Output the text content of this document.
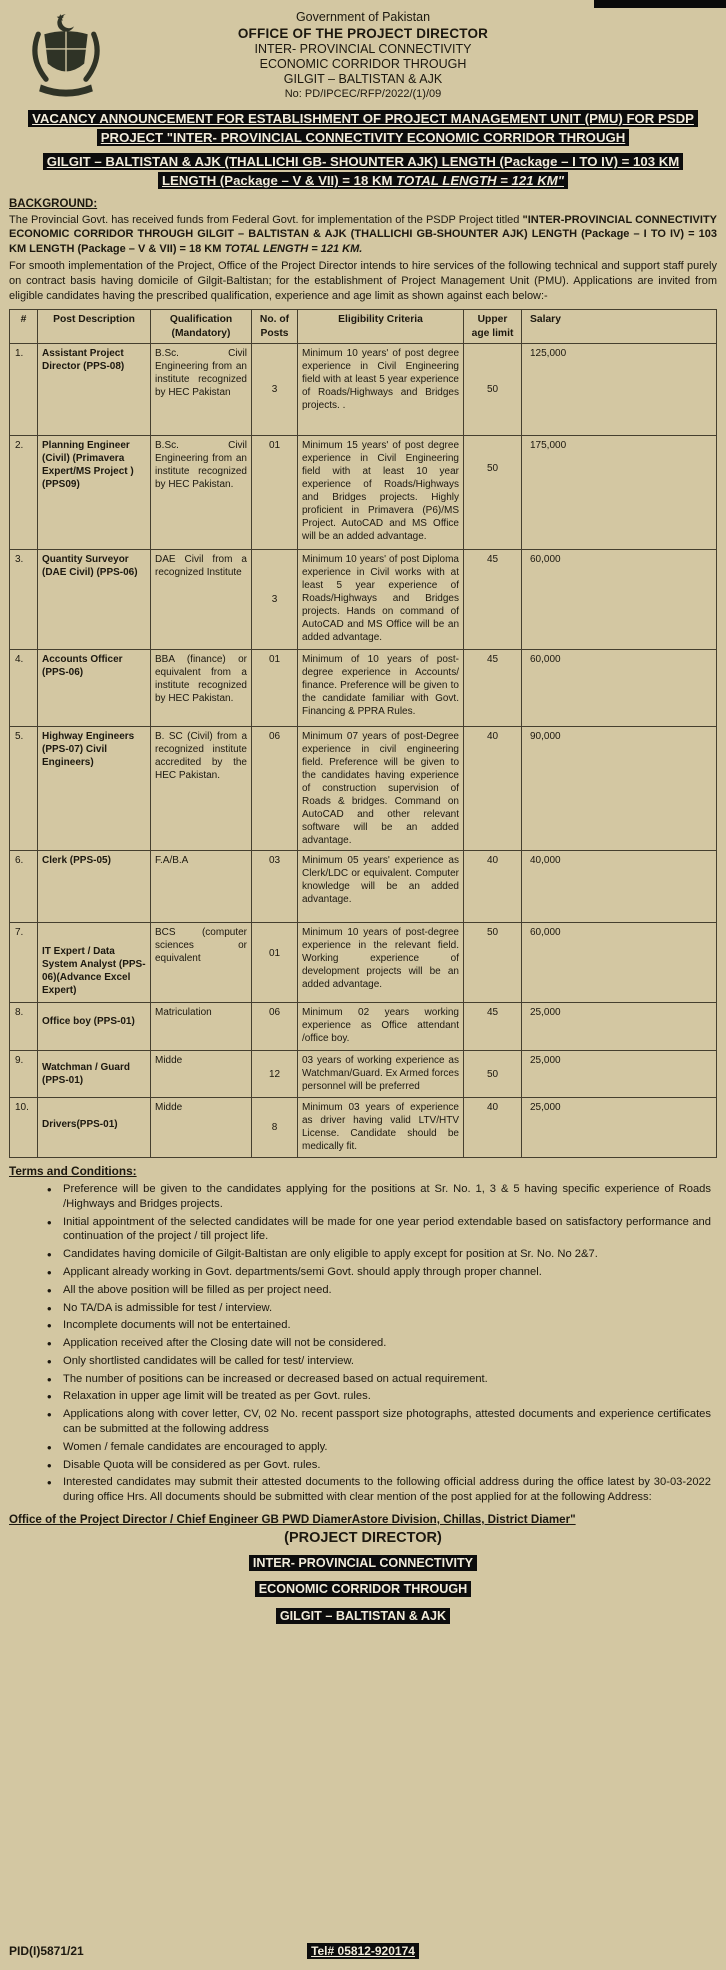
Government of Pakistan
OFFICE OF THE PROJECT DIRECTOR
INTER- PROVINCIAL CONNECTIVITY
ECONOMIC CORRIDOR THROUGH
GILGIT – BALTISTAN & AJK
No: PD/IPCEC/RFP/2022/(1)/09
VACANCY ANNOUNCEMENT FOR ESTABLISHMENT OF PROJECT MANAGEMENT UNIT (PMU) FOR PSDP PROJECT "INTER- PROVINCIAL CONNECTIVITY ECONOMIC CORRIDOR THROUGH
GILGIT – BALTISTAN & AJK (THALLICHI GB- SHOUNTER AJK) LENGTH (Package – I TO IV) = 103 KM LENGTH (Package – V & VII) = 18 KM TOTAL LENGTH = 121 KM"
BACKGROUND:

The Provincial Govt. has received funds from Federal Govt. for implementation of the PSDP Project titled "INTER-PROVINCIAL CONNECTIVITY ECONOMIC CORRIDOR THROUGH GILGIT – BALTISTAN & AJK (THALLICHI GB-SHOUNTER AJK) LENGTH (Package – I TO IV) = 103 KM LENGTH (Package – V & VII) = 18 KM TOTAL LENGTH = 121 KM.

For smooth implementation of the Project, Office of the Project Director intends to hire services of the following technical and support staff purely on contract basis having domicile of Gilgit-Baltistan; for the establishment of Project Management Unit (PMU). Applications are invited from eligible candidates having the prescribed qualification, experience and age limit as shown against each below:-

#	Post Description	Qualification (Mandatory)	No. of Posts	Eligibility Criteria	Upper age limit	Salary
1.	Assistant Project Director (PPS-08)	B.Sc. Civil Engineering from an institute recognized by HEC Pakistan	3	Minimum 10 years' of post degree experience in Civil Engineering field with at least 5 year experience of Roads/Highways and Bridges projects. .	50	125,000
2.	Planning Engineer (Civil) (Primavera Expert/MS Project ) (PPS09)	B.Sc. Civil Engineering from an institute recognized by HEC Pakistan.	01	Minimum 15 years' of post degree experience in Civil Engineering field with at least 10 year experience of Roads/Highways and Bridges projects. Highly proficient in Primavera (P6)/MS Project. AutoCAD and MS Office will be an added advantage.	50	175,000
3.	Quantity Surveyor (DAE Civil) (PPS-06)	DAE Civil from a recognized Institute	3	Minimum 10 years' of post Diploma experience in Civil works with at least 5 year experience of Roads/Highways and Bridges projects. Hands on command of AutoCAD and MS Office will be an added advantage.	45	60,000
4.	Accounts Officer (PPS-06)	BBA (finance) or equivalent from a institute recognized by HEC Pakistan.	01	Minimum of 10 years of post-degree experience in Accounts/ finance. Preference will be given to the candidate familiar with Govt. Financing & PPRA Rules.	45	60,000
5.	Highway Engineers (PPS-07) Civil Engineers)	B. SC (Civil) from a recognized institute accredited by the HEC Pakistan.	06	Minimum 07 years of post-Degree experience in civil engineering field. Preference will be given to the candidates having experience of construction supervision of Roads & bridges. Command on AutoCAD and other relevant software will be an added advantage.	40	90,000
6.	Clerk (PPS-05)	F.A/B.A	03	Minimum 05 years' experience as Clerk/LDC or equivalent. Computer knowledge will be an added advantage.	40	40,000
7.	IT Expert / Data System Analyst (PPS-06)(Advance Excel Expert)	BCS (computer sciences or equivalent	01	Minimum 10 years of post-degree experience in the relevant field. Working experience of development projects will be an added advantage.	50	60,000
8.	Office boy (PPS-01)	Matriculation	06	Minimum 02 years working experience as Office attendant /office boy.	45	25,000
9.	Watchman / Guard (PPS-01)	Midde	12	03 years of working experience as Watchman/Guard. Ex Armed forces personnel will be preferred	50	25,000
10.	Drivers(PPS-01)	Midde	8	Minimum 03 years of experience as driver having valid LTV/HTV License. Candidate should be medically fit.	40	25,000
Terms and Conditions:
• Preference will be given to the candidates applying for the positions at Sr. No. 1, 3 & 5 having specific experience of Roads /Highways and Bridges projects.
• Initial appointment of the selected candidates will be made for one year period extendable based on satisfactory performance and continuation of the project / till project life.
• Candidates having domicile of Gilgit-Baltistan are only eligible to apply except for position at Sr. No. No 2&7.
• Applicant already working in Govt. departments/semi Govt. should apply through proper channel.
• All the above position will be filled as per project need.
• No TA/DA is admissible for test / interview.
• Incomplete documents will not be entertained.
• Application received after the Closing date will not be considered.
• Only shortlisted candidates will be called for test/ interview.
• The number of positions can be increased or decreased based on actual requirement.
• Relaxation in upper age limit will be treated as per Govt. rules.
• Applications along with cover letter, CV, 02 No. recent passport size photographs, attested documents and experience certificates can be submitted at the following address
• Women / female candidates are encouraged to apply.
• Disable Quota will be considered as per Govt. rules.
• Interested candidates may submit their attested documents to the following official address during the office latest by 30-03-2022 during office Hrs. All documents should be submitted with clear mention of the post applied for at the following Address:
Office of the Project Director / Chief Engineer GB PWD DiamerAstore Division, Chillas, District Diamer"
(PROJECT DIRECTOR)
INTER- PROVINCIAL CONNECTIVITY
ECONOMIC CORRIDOR THROUGH
GILGIT – BALTISTAN & AJK
PID(I)5871/21	Tel# 05812-920174
